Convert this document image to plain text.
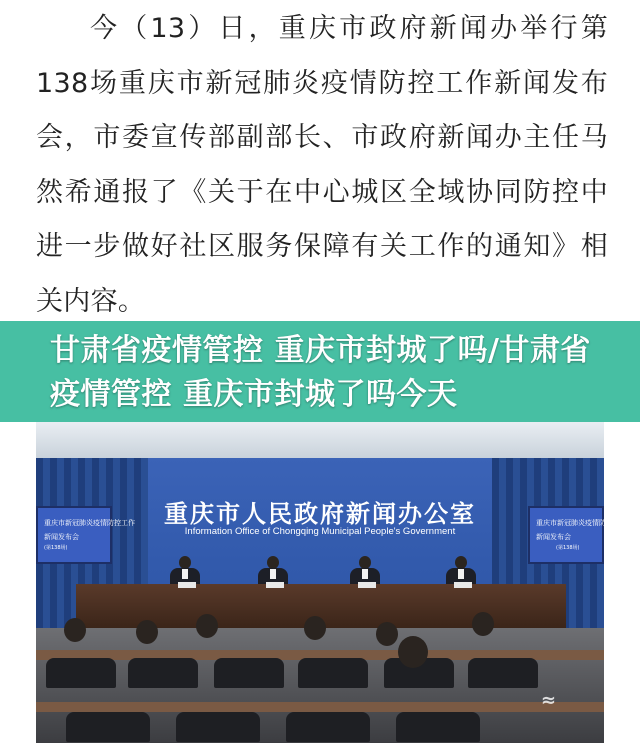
今（13）日，重庆市政府新闻办举行第138场重庆市新冠肺炎疫情防控工作新闻发布会，市委宣传部副部长、市政府新闻办主任马然希通报了《关于在中心城区全域协同防控中进一步做好社区服务保障有关工作的通知》相关内容。
甘肃省疫情管控 重庆市封城了吗/甘肃省疫情管控 重庆市封城了吗今天
重庆市人民政府新闻办公室
Information Office of Chongqing Municipal People's Government
重庆市新冠肺炎疫情防控工作
新闻发布会
(第138场)
重庆市新冠肺炎疫情防控
新闻发布会
(第138场)
≈
